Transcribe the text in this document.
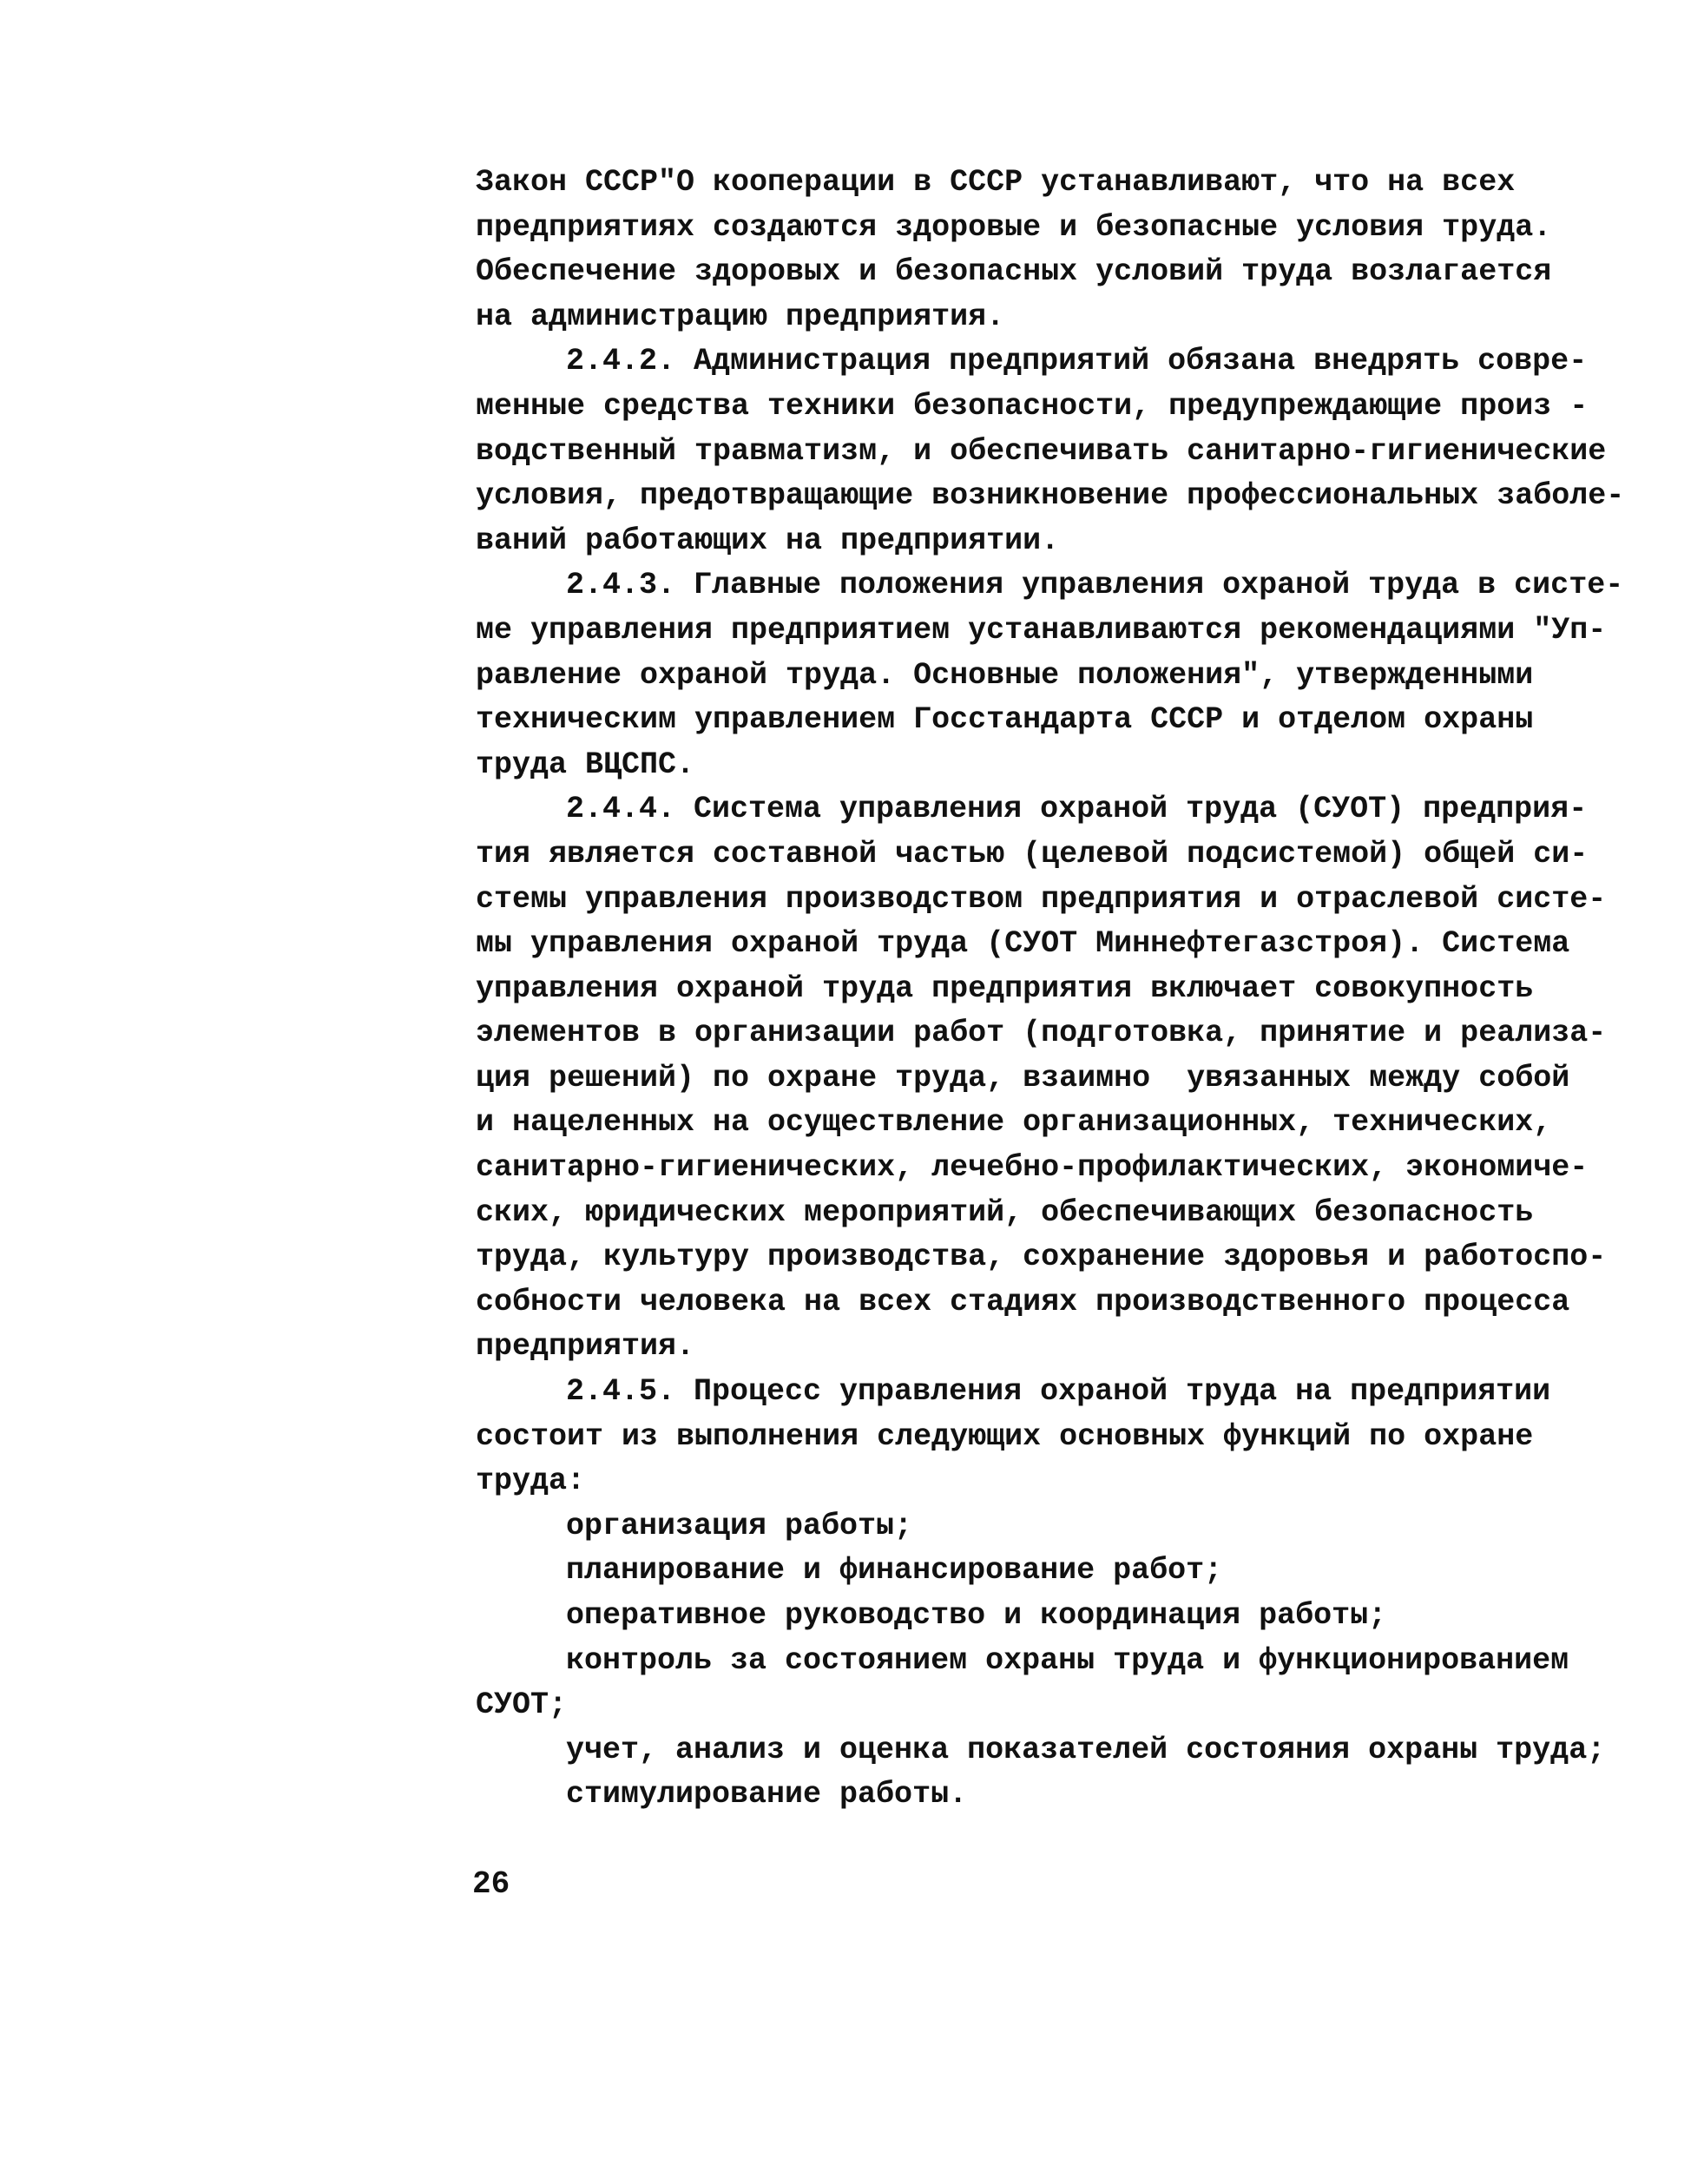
Закон СССР"О кооперации в СССР устанавливают, что на всех
предприятиях создаются здоровые и безопасные условия труда.
Обеспечение здоровых и безопасных условий труда возлагается
на администрацию предприятия.
2.4.2. Администрация предприятий обязана внедрять совре-
менные средства техники безопасности, предупреждающие произ -
водственный травматизм, и обеспечивать санитарно-гигиенические
условия, предотвращающие возникновение профессиональных заболе-
ваний работающих на предприятии.
2.4.3. Главные положения управления охраной труда в систе-
ме управления предприятием устанавливаются рекомендациями "Уп-
равление охраной труда. Основные положения", утвержденными
техническим управлением Госстандарта СССР и отделом охраны
труда ВЦСПС.
2.4.4. Система управления охраной труда (СУОТ) предприя-
тия является составной частью (целевой подсистемой) общей си-
стемы управления производством предприятия и отраслевой систе-
мы управления охраной труда (СУОТ Миннефтегазстроя). Система
управления охраной труда предприятия включает совокупность
элементов в организации работ (подготовка, принятие и реализа-
ция решений) по охране труда, взаимно  увязанных между собой
и нацеленных на осуществление организационных, технических,
санитарно-гигиенических, лечебно-профилактических, экономиче-
ских, юридических мероприятий, обеспечивающих безопасность
труда, культуру производства, сохранение здоровья и работоспо-
собности человека на всех стадиях производственного процесса
предприятия.
2.4.5. Процесс управления охраной труда на предприятии
состоит из выполнения следующих основных функций по охране
труда:
организация работы;
планирование и финансирование работ;
оперативное руководство и координация работы;
контроль за состоянием охраны труда и функционированием
СУОТ;
учет, анализ и оценка показателей состояния охраны труда;
стимулирование работы.
26
